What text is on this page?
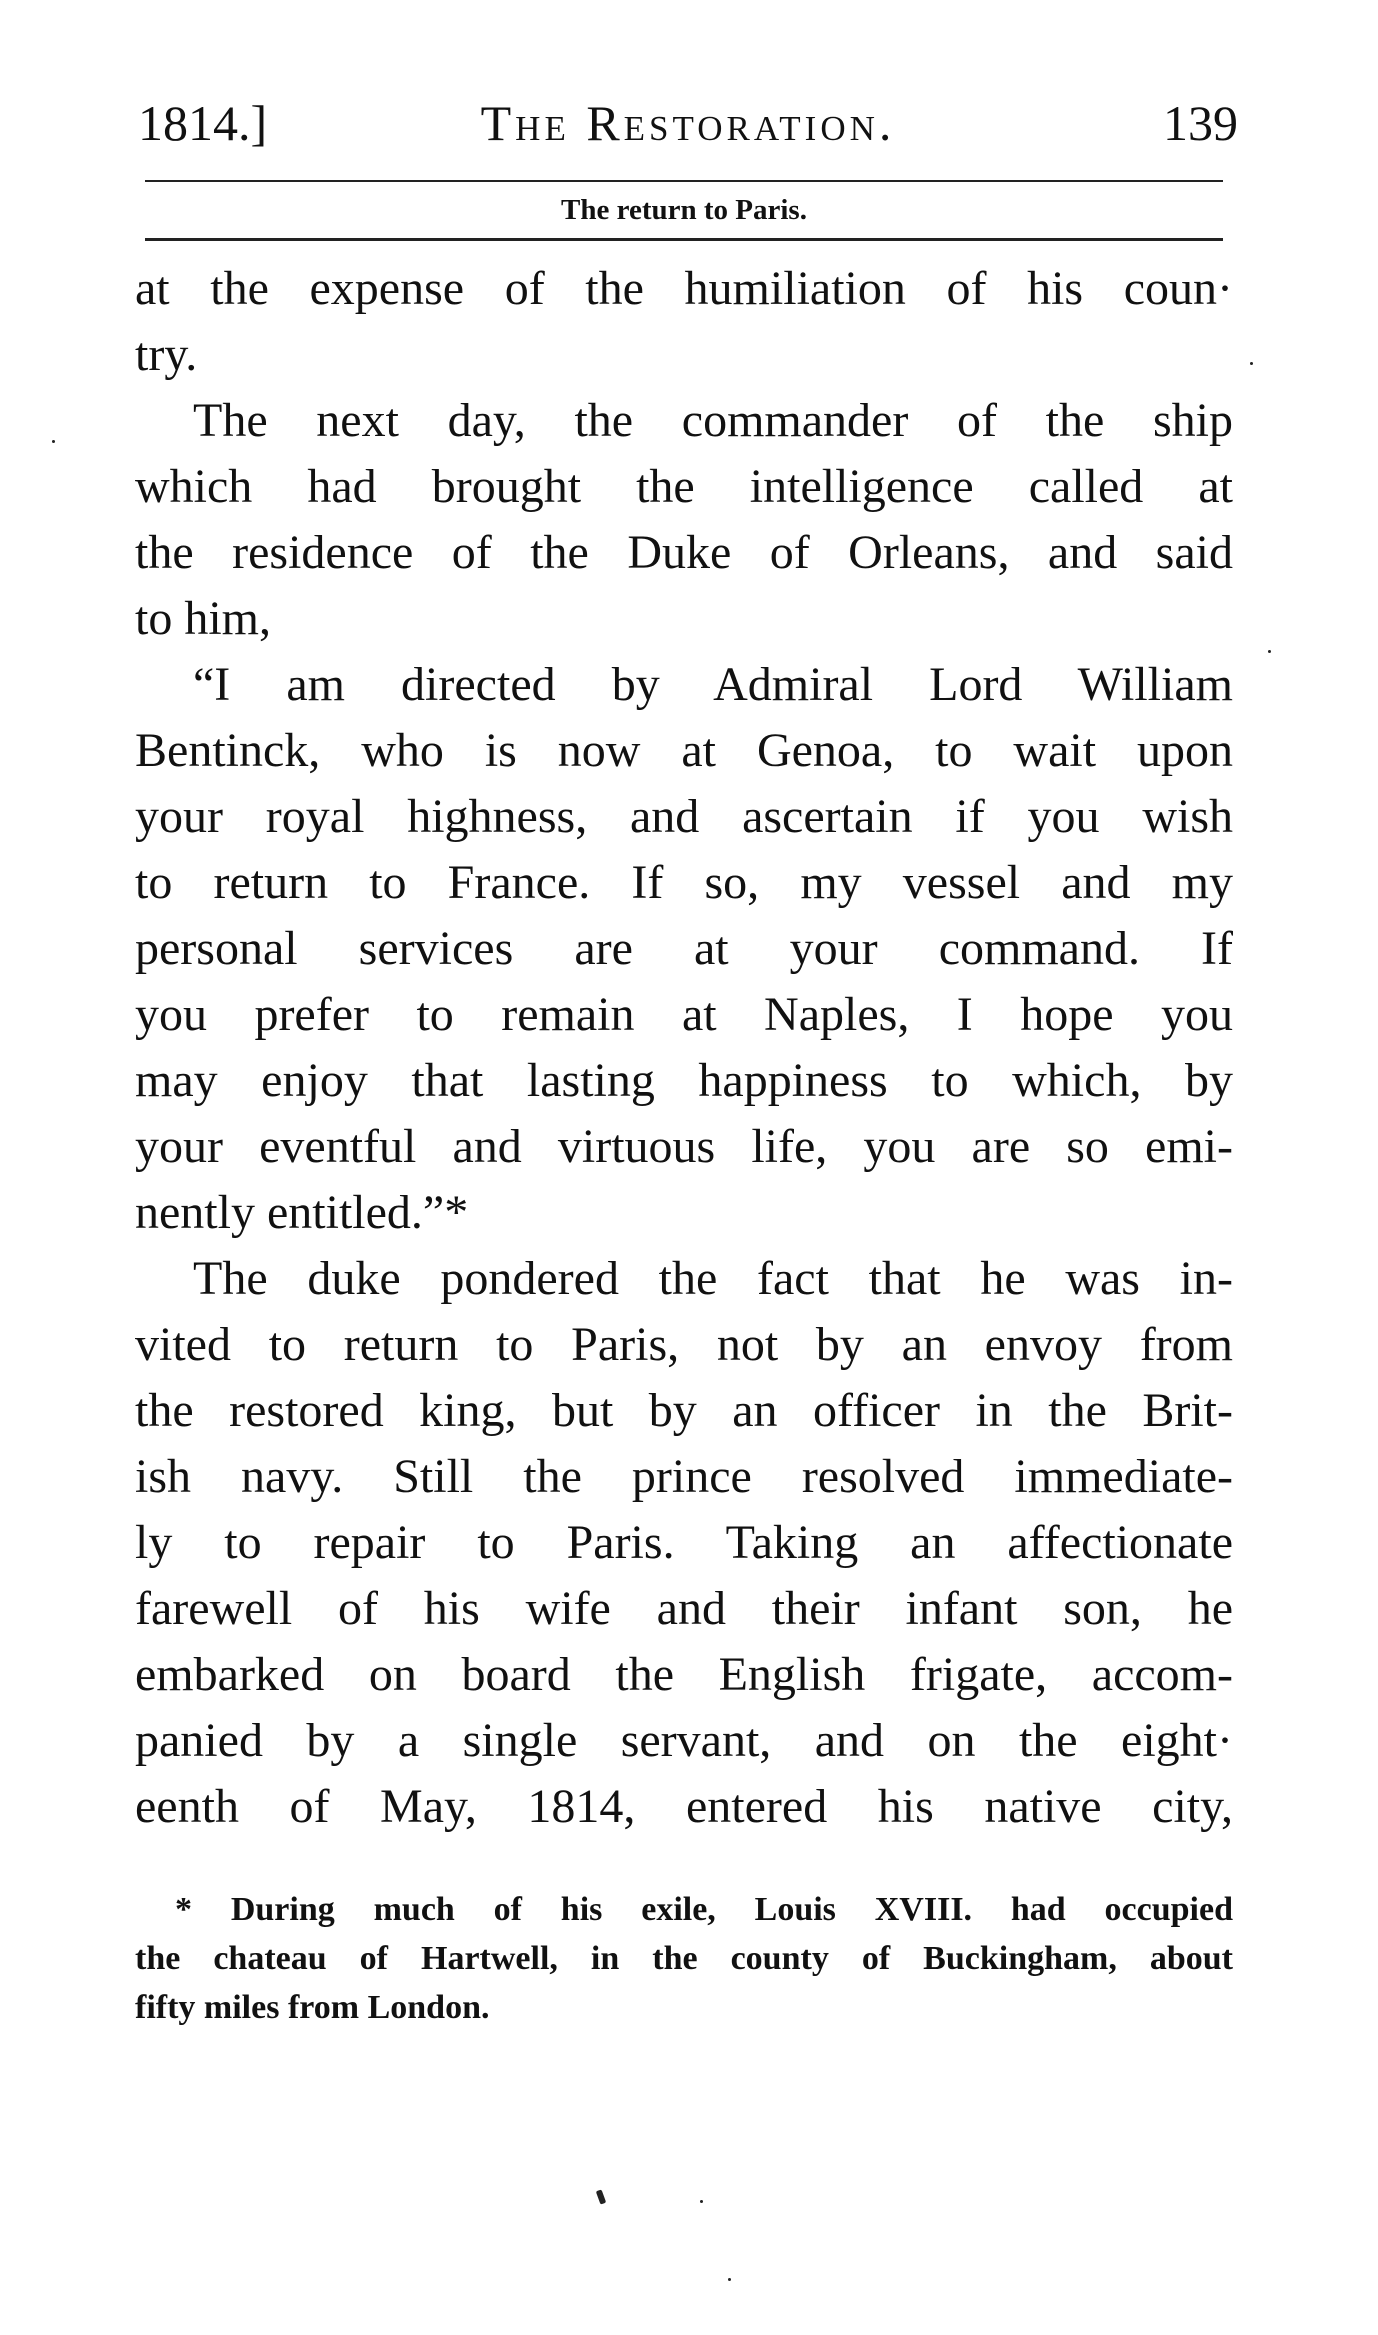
1814.]	The Restoration.	139
The return to Paris.
at the expense of the humiliation of his coun·
try.
The next day, the commander of the ship
which had brought the intelligence called at
the residence of the Duke of Orleans, and said
to him,
“I am directed by Admiral Lord William
Bentinck, who is now at Genoa, to wait upon
your royal highness, and ascertain if you wish
to return to France. If so, my vessel and my
personal services are at your command. If
you prefer to remain at Naples, I hope you
may enjoy that lasting happiness to which, by
your eventful and virtuous life, you are so emi-
nently entitled.”*
The duke pondered the fact that he was in-
vited to return to Paris, not by an envoy from
the restored king, but by an officer in the Brit-
ish navy. Still the prince resolved immediate-
ly to repair to Paris. Taking an affectionate
farewell of his wife and their infant son, he
embarked on board the English frigate, accom-
panied by a single servant, and on the eight·
eenth of May, 1814, entered his native city,
* During much of his exile, Louis XVIII. had occupied
the chateau of Hartwell, in the county of Buckingham, about
fifty miles from London.
